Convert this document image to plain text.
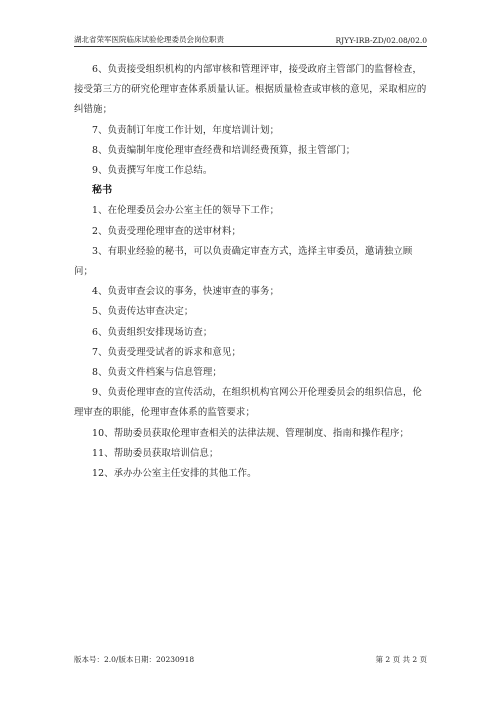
湖北省荣军医院临床试验伦理委员会岗位职责	RJYY-IRB-ZD/02.08/02.0

6、负责接受组织机构的内部审核和管理评审，接受政府主管部门的监督检查，接受第三方的研究伦理审查体系质量认证。根据质量检查或审核的意见，采取相应的纠错施；

7、负责制订年度工作计划，年度培训计划；

8、负责编制年度伦理审查经费和培训经费预算，报主管部门；

9、负责撰写年度工作总结。

秘书

1、在伦理委员会办公室主任的领导下工作；

2、负责受理伦理审查的送审材料；

3、有职业经验的秘书，可以负责确定审查方式，选择主审委员，邀请独立顾问；

4、负责审查会议的事务，快速审查的事务；

5、负责传达审查决定；

6、负责组织安排现场访查；

7、负责受理受试者的诉求和意见；

8、负责文件档案与信息管理；

9、负责伦理审查的宣传活动，在组织机构官网公开伦理委员会的组织信息，伦理审查的职能，伦理审查体系的监管要求；

10、帮助委员获取伦理审查相关的法律法规、管理制度、指南和操作程序；

11、帮助委员获取培训信息；

12、承办办公室主任安排的其他工作。

版本号：2.0/版本日期：20230918	第 2 页 共 2 页
